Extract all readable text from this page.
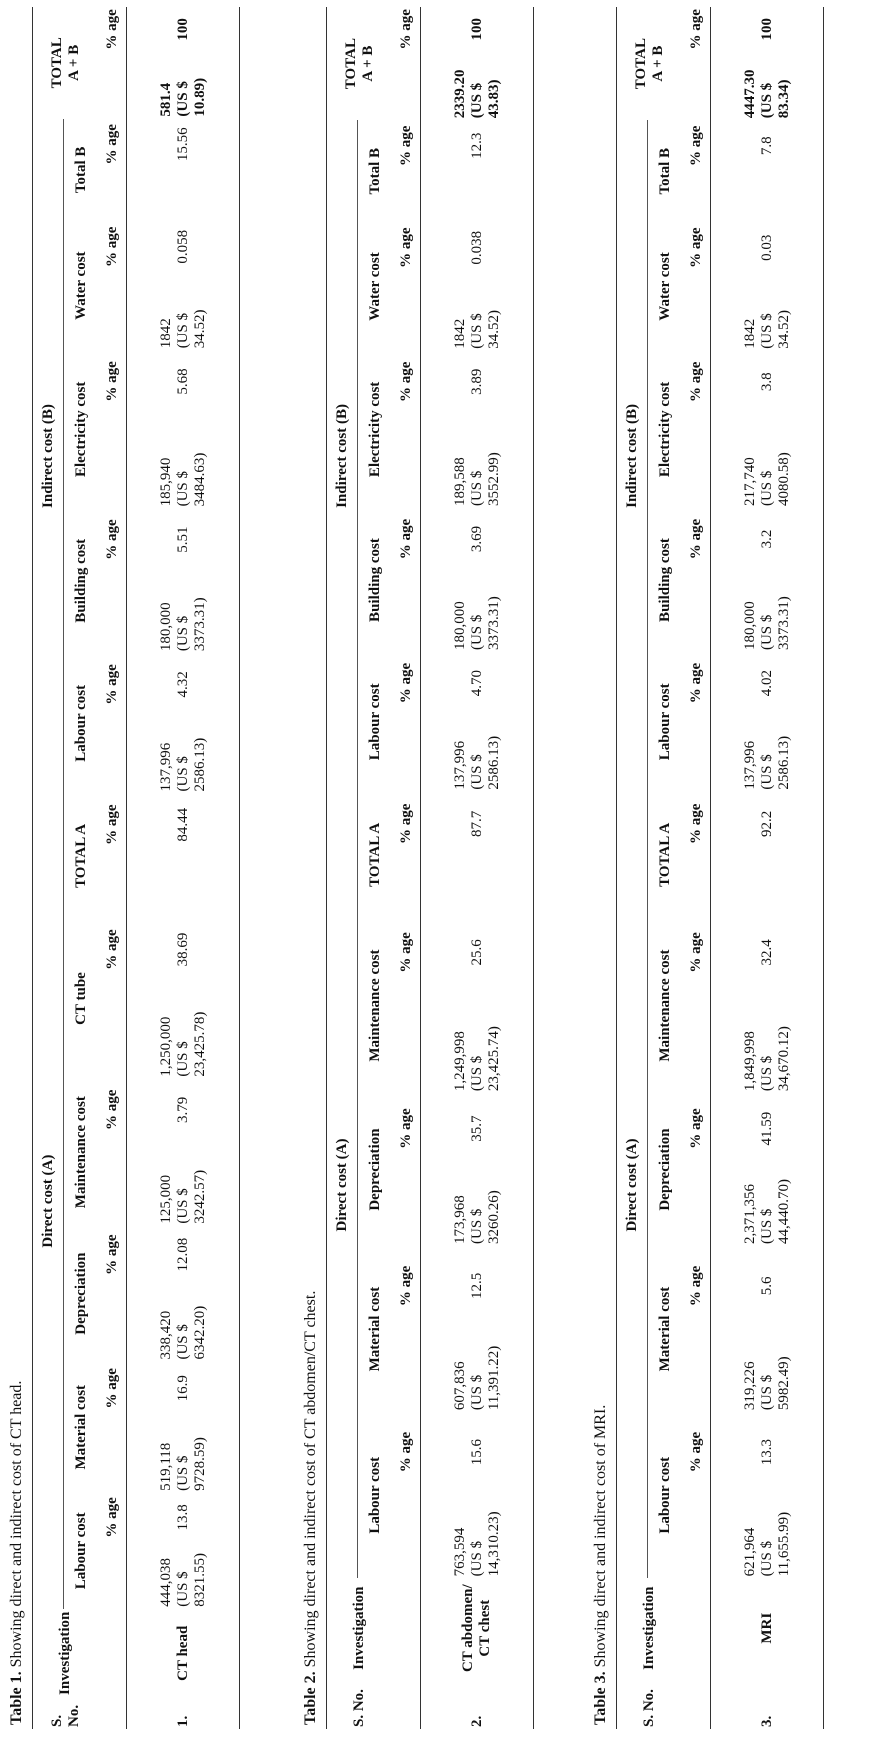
Table 1. Showing direct and indirect cost of CT head.
S. No.	Investigation	Direct cost (A)												Indirect cost (B)										TOTAL
A + B	
		Labour cost		Material cost		Depreciation		Maintenance cost		CT tube		TOTAL A		Labour cost		Building cost		Electricity cost		Water cost		Total B			
			% age		% age		% age		% age		% age		% age		% age		% age		% age		% age		% age		% age
1.	CT head	444,038
(US $
8321.55)	13.8	519,118
(US $
9728.59)	16.9	338,420
(US $
6342.20)	12.08	125,000
(US $
3242.57)	3.79	1,250,000
(US $
23,425.78)	38.69		84.44	137,996
(US $
2586.13)	4.32	180,000
(US $
3373.31)	5.51	185,940
(US $
3484.63)	5.68	1842
(US $
34.52)	0.058		15.56	581.4
(US $
10.89)	100
Table 2. Showing direct and indirect cost of CT abdomen/CT chest.
S. No.	Investigation	Direct cost (A)										Indirect cost (B)										TOTAL
A + B	
		Labour cost		Material cost		Depreciation		Maintenance cost		TOTAL A		Labour cost		Building cost		Electricity cost		Water cost		Total B			
			% age		% age		% age		% age		% age		% age		% age		% age		% age		% age		% age
2.	CT abdomen/
CT chest	763,594
(US $
14,310.23)	15.6	607,836
(US $
11,391.22)	12.5	173,968
(US $
3260.26)	35.7	1,249,998
(US $
23,425.74)	25.6		87.7	137,996
(US $
2586.13)	4.70	180,000
(US $
3373.31)	3.69	189,588
(US $
3552.99)	3.89	1842
(US $
34.52)	0.038		12.3	2339.20
(US $
43.83)	100
Table 3. Showing direct and indirect cost of MRI.
S. No.	Investigation	Direct cost (A)										Indirect cost (B)										TOTAL
A + B	
		Labour cost		Material cost		Depreciation		Maintenance cost		TOTAL A		Labour cost		Building cost		Electricity cost		Water cost		Total B			
			% age		% age		% age		% age		% age		% age		% age		% age		% age		% age		% age
3.	MRI	621,964
(US $
11,655.99)	13.3	319,226
(US $
5982.49)	5.6	2,371,356
(US $
44,440.70)	41.59	1,849,998
(US $
34,670.12)	32.4		92.2	137,996
(US $
2586.13)	4.02	180,000
(US $
3373.31)	3.2	217,740
(US $
4080.58)	3.8	1842
(US $
34.52)	0.03		7.8	4447.30
(US $
83.34)	100
